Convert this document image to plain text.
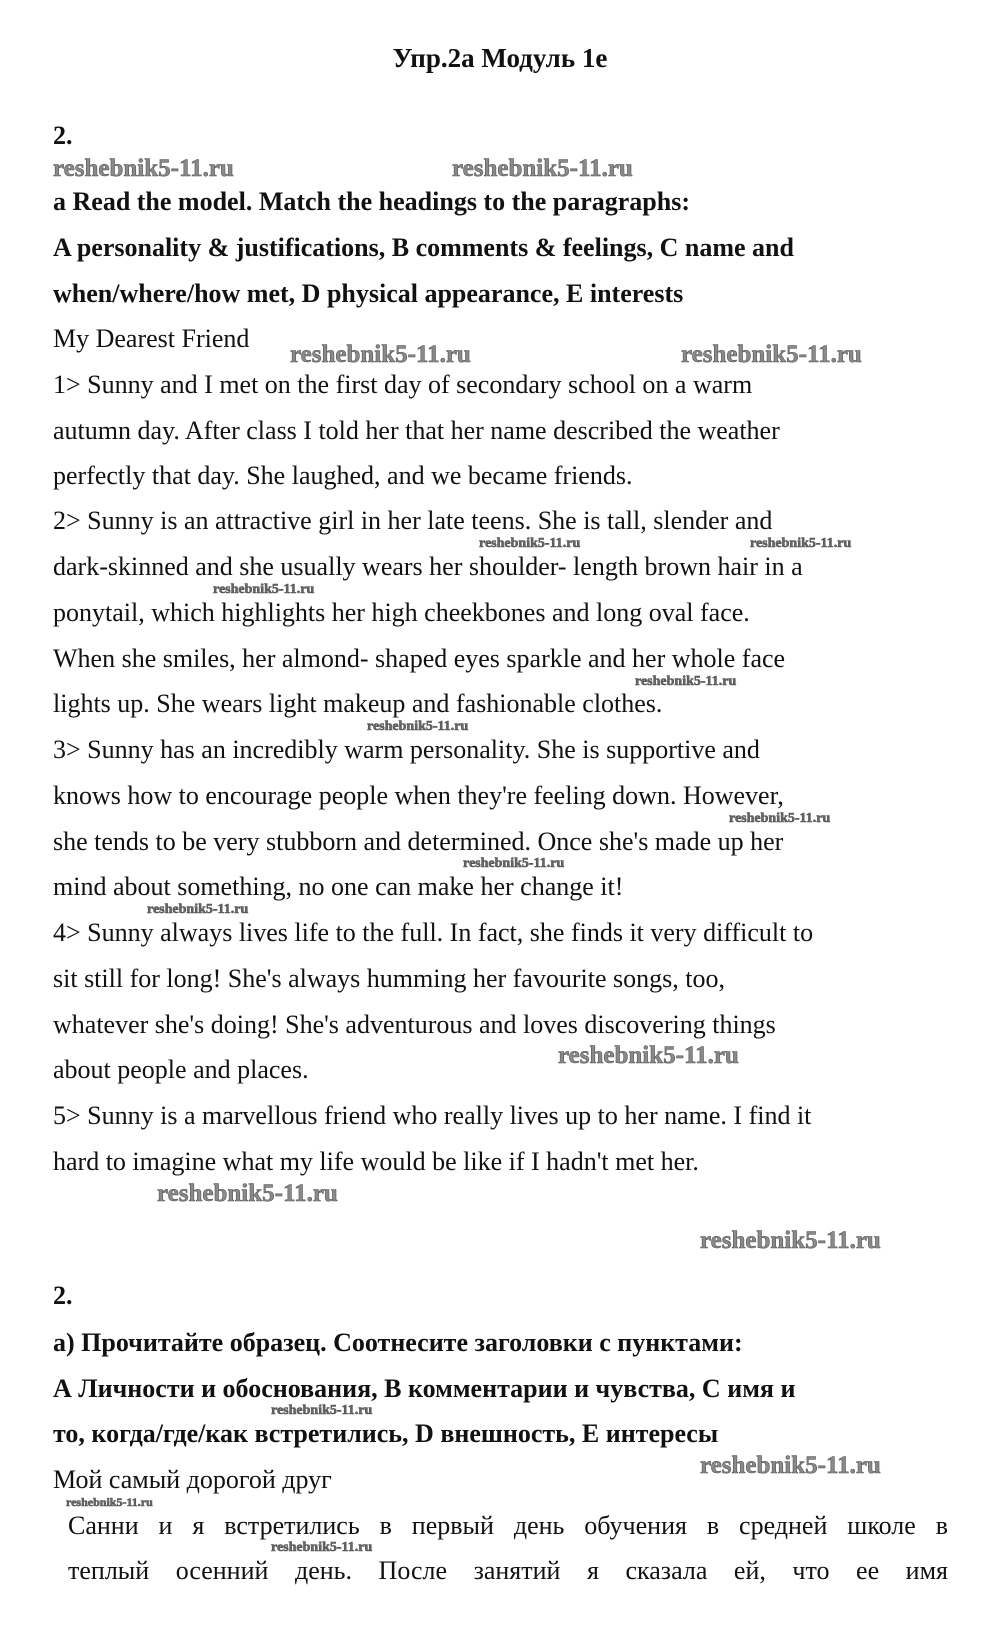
Упр.2a Модуль 1e
2.
a Read the model. Match the headings to the paragraphs:
A personality & justifications, B comments & feelings, C name and
when/where/how met, D physical appearance, E interests
My Dearest Friend
1> Sunny and I met on the first day of secondary school on a warm
autumn day. After class I told her that her name described the weather
perfectly that day. She laughed, and we became friends.
2> Sunny is an attractive girl in her late teens. She is tall, slender and
dark-skinned and she usually wears her shoulder- length brown hair in a
ponytail, which highlights her high cheekbones and long oval face.
When she smiles, her almond- shaped eyes sparkle and her whole face
lights up. She wears light makeup and fashionable clothes.
3> Sunny has an incredibly warm personality. She is supportive and
knows how to encourage people when they're feeling down. However,
she tends to be very stubborn and determined. Once she's made up her
mind about something, no one can make her change it!
4> Sunny always lives life to the full. In fact, she finds it very difficult to
sit still for long! She's always humming her favourite songs, too,
whatever she's doing! She's adventurous and loves discovering things
about people and places.
5> Sunny is a marvellous friend who really lives up to her name. I find it
hard to imagine what my life would be like if I hadn't met her.
2.
а) Прочитайте образец. Соотнесите заголовки с пунктами:
А Личности и обоснования, В комментарии и чувства, С имя и
то, когда/где/как встретились, D внешность, Е интересы
Мой самый дорогой друг
Санни и я встретились в первый день обучения в средней школе в
теплый осенний день. После занятий я сказала ей, что ее имя
reshebnik5-11.ru	reshebnik5-11.ru
reshebnik5-11.ru	reshebnik5-11.ru
reshebnik5-11.ru
reshebnik5-11.ru
reshebnik5-11.ru
reshebnik5-11.ru
reshebnik5-11.ru	reshebnik5-11.ru
reshebnik5-11.ru
reshebnik5-11.ru
reshebnik5-11.ru
reshebnik5-11.ru
reshebnik5-11.ru
reshebnik5-11.ru
reshebnik5-11.ru
reshebnik5-11.ru
reshebnik5-11.ru
